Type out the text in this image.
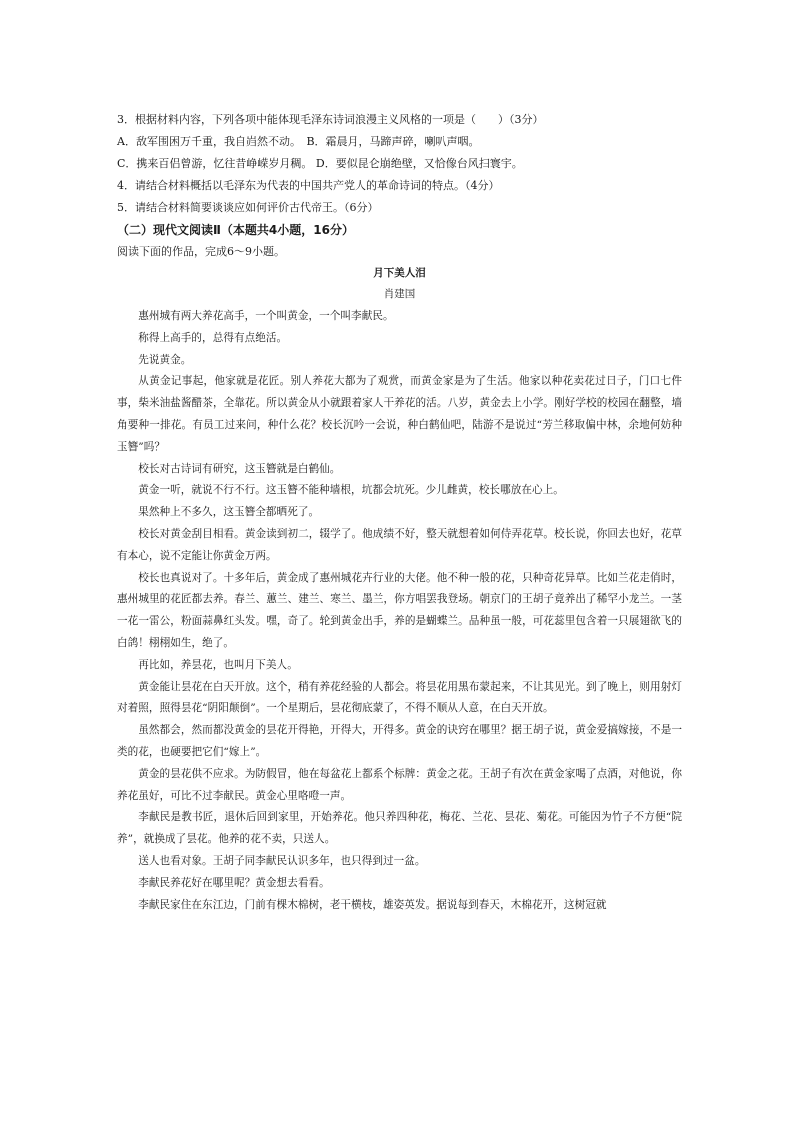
3．根据材料内容，下列各项中能体现毛泽东诗词浪漫主义风格的一项是（　　）（3分）

A．敌军围困万千重，我自岿然不动。　B．霜晨月，马蹄声碎，喇叭声咽。

C．携来百侣曾游，忆往昔峥嵘岁月稠。 D．要似昆仑崩绝壁，又恰像台风扫寰宇。

4．请结合材料概括以毛泽东为代表的中国共产党人的革命诗词的特点。（4分）

5．请结合材料简要谈谈应如何评价古代帝王。（6分）

（二）现代文阅读Ⅱ（本题共4小题，16分）

阅读下面的作品，完成6～9小题。

月下美人泪

肖建国

惠州城有两大养花高手，一个叫黄金，一个叫李献民。

称得上高手的，总得有点绝活。

先说黄金。

从黄金记事起，他家就是花匠。别人养花大都为了观赏，而黄金家是为了生活。他家以种花卖花过日子，门口七件事，柴米油盐酱醋茶，全靠花。所以黄金从小就跟着家人干养花的活。八岁，黄金去上小学。刚好学校的校园在翻整，墙角要种一排花。有员工过来问，种什么花？校长沉吟一会说，种白鹤仙吧，陆游不是说过“芳兰移取偏中林，余地何妨种玉簪”吗？

校长对古诗词有研究，这玉簪就是白鹤仙。

黄金一听，就说不行不行。这玉簪不能种墙根，坑都会坑死。少儿雌黄，校长哪放在心上。

果然种上不多久，这玉簪全都晒死了。

校长对黄金刮目相看。黄金读到初二，辍学了。他成绩不好，整天就想着如何侍弄花草。校长说，你回去也好，花草有本心，说不定能让你黄金万两。

校长也真说对了。十多年后，黄金成了惠州城花卉行业的大佬。他不种一般的花，只种奇花异草。比如兰花走俏时，惠州城里的花匠都去养。春兰、蕙兰、建兰、寒兰、墨兰，你方唱罢我登场。朝京门的王胡子竟养出了稀罕小龙兰。一茎一花一雷公，粉面蒜鼻红头发。嘿，奇了。轮到黄金出手，养的是蝴蝶兰。品种虽一般，可花蕊里包含着一只展翅欲飞的白鸽！栩栩如生，绝了。

再比如，养昙花，也叫月下美人。

黄金能让昙花在白天开放。这个，稍有养花经验的人都会。将昙花用黑布蒙起来，不让其见光。到了晚上，则用射灯对着照，照得昙花“阴阳颠倒”。一个星期后，昙花彻底蒙了，不得不顺从人意，在白天开放。

虽然都会，然而都没黄金的昙花开得艳，开得大，开得多。黄金的诀窍在哪里？据王胡子说，黄金爱搞嫁接，不是一类的花，也硬要把它们“嫁上”。

黄金的昙花供不应求。为防假冒，他在每盆花上都系个标牌：黄金之花。王胡子有次在黄金家喝了点酒，对他说，你养花虽好，可比不过李献民。黄金心里咯噔一声。

李献民是教书匠，退休后回到家里，开始养花。他只养四种花，梅花、兰花、昙花、菊花。可能因为竹子不方便“院养”，就换成了昙花。他养的花不卖，只送人。

送人也看对象。王胡子同李献民认识多年，也只得到过一盆。

李献民养花好在哪里呢？黄金想去看看。

李献民家住在东江边，门前有棵木棉树，老干横枝，雄姿英发。据说每到春天，木棉花开，这树冠就
